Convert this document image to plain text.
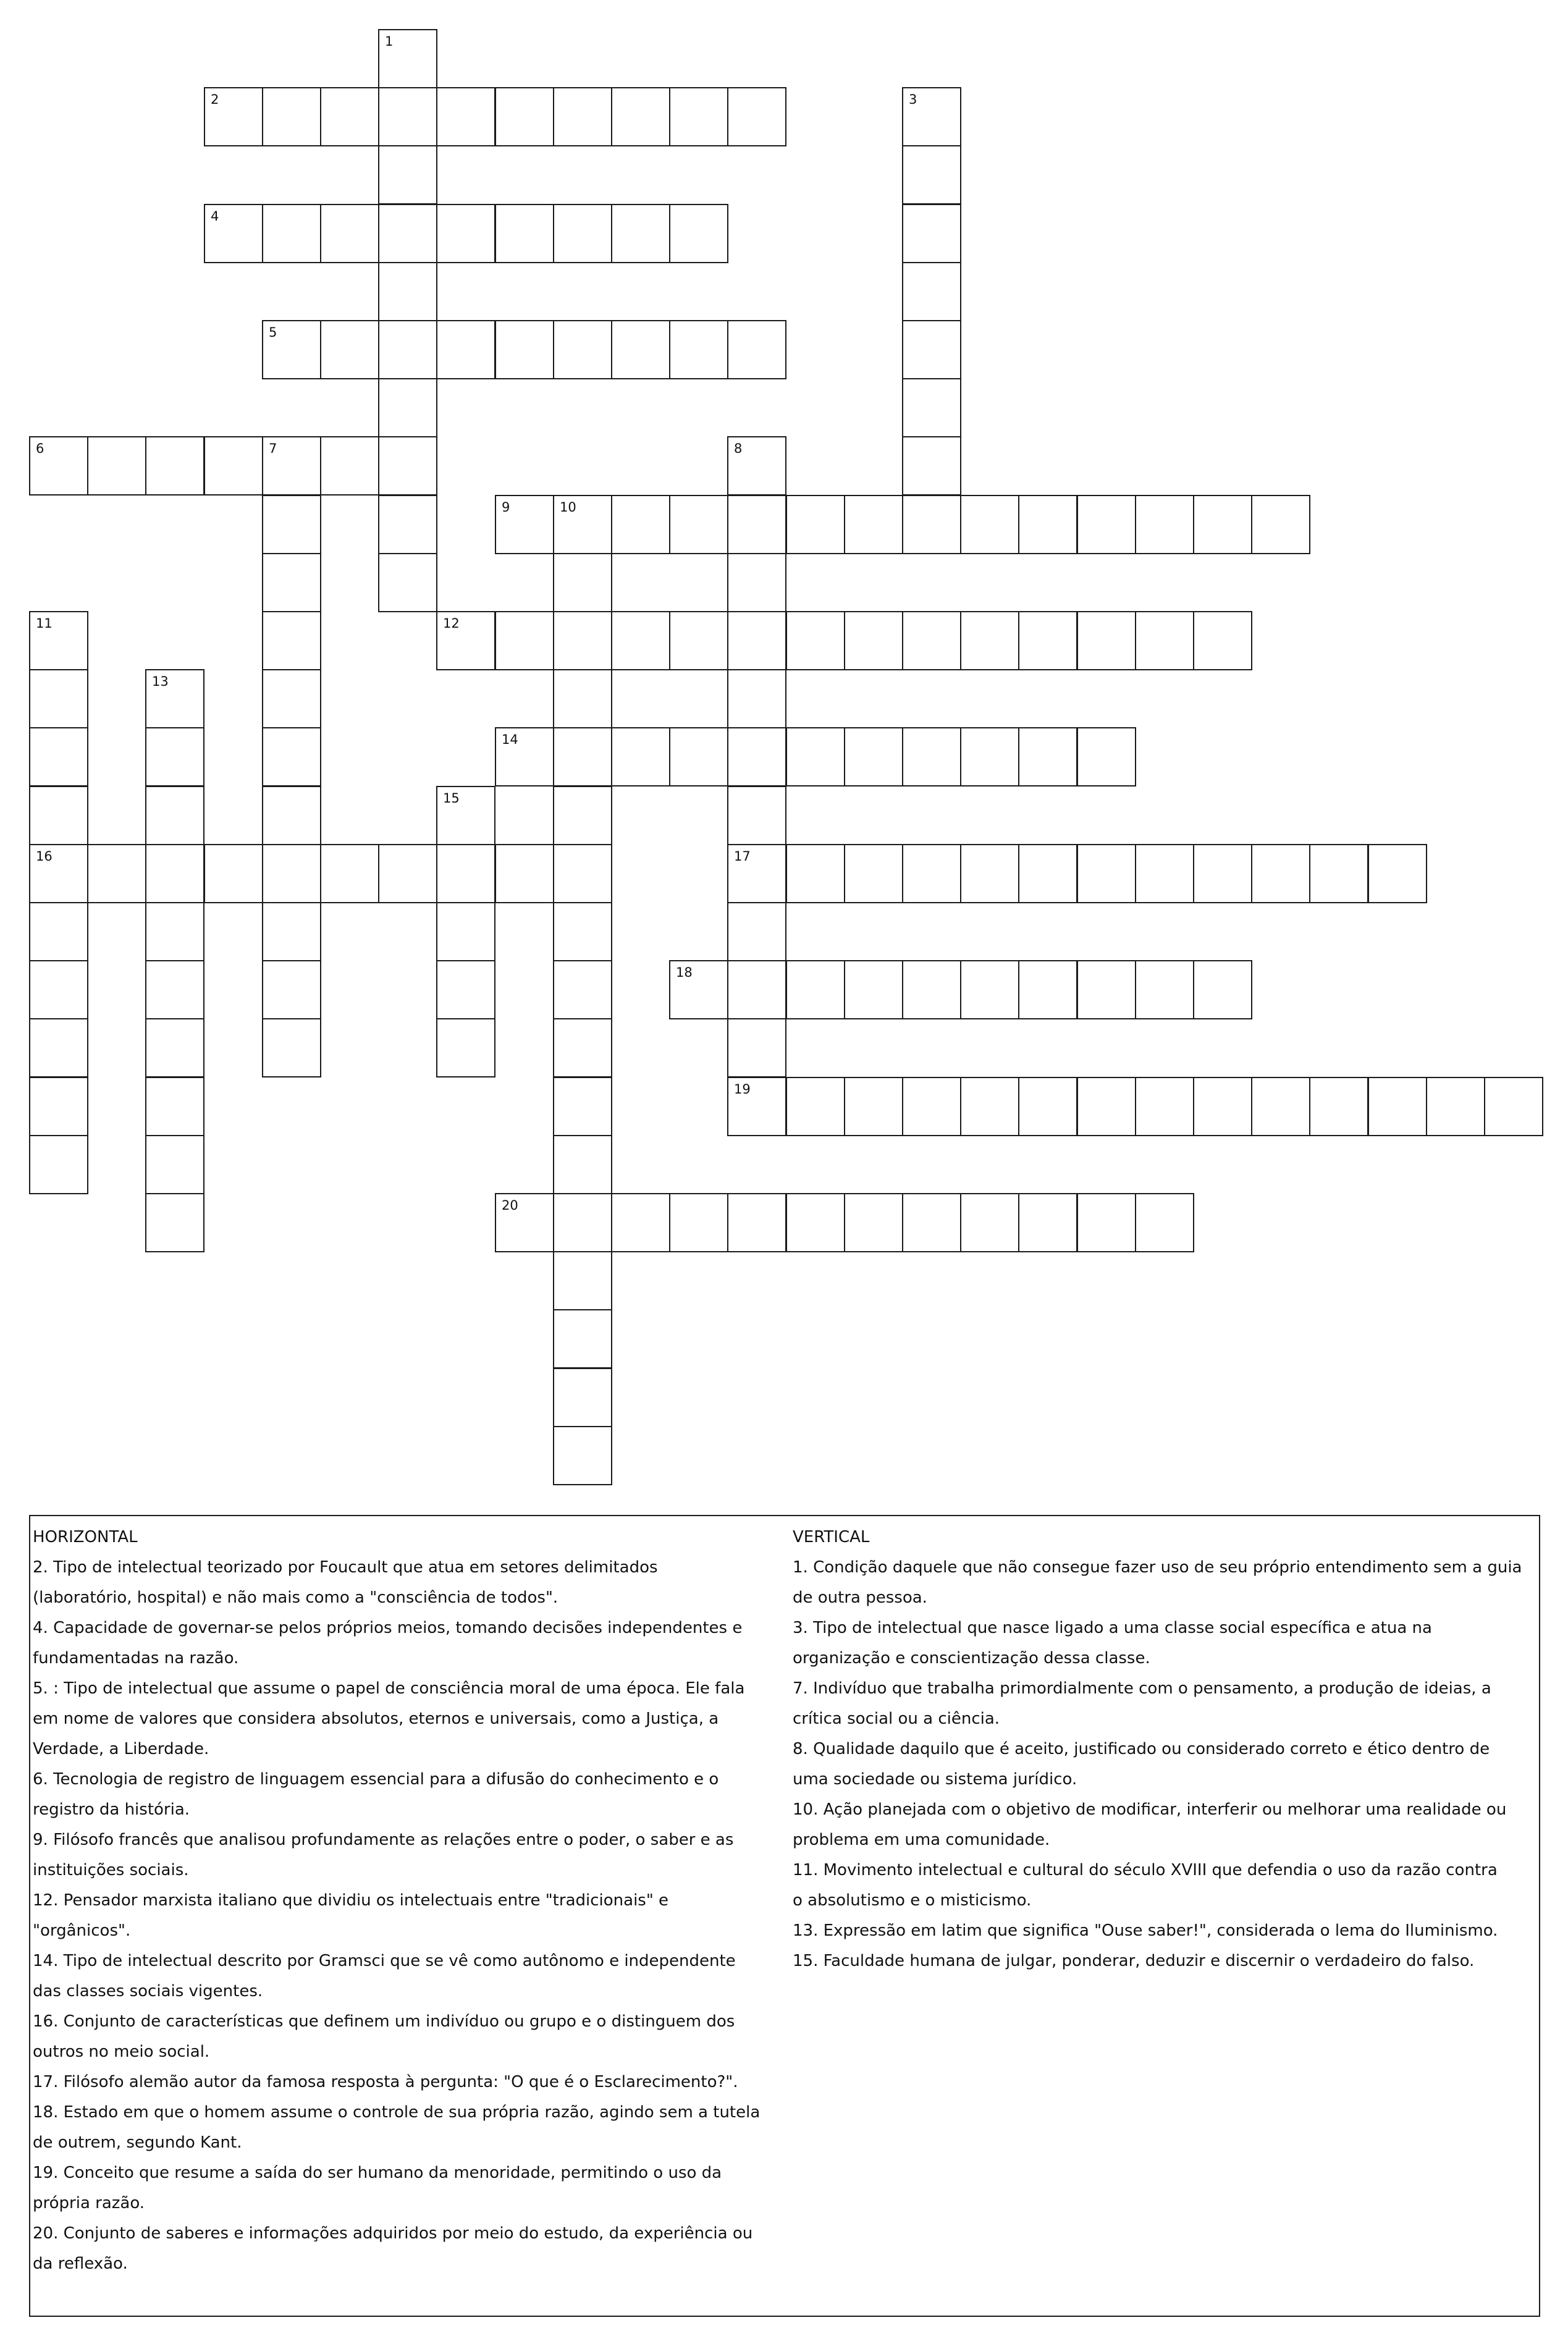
1
2	3
4
5
6	7	8
17
19
9	10
11
16
12
13
14
15
18
20
HORIZONTAL
2. Tipo de intelectual teorizado por Foucault que atua em setores delimitados
(laboratório, hospital) e não mais como a "consciência de todos".
4. Capacidade de governar-se pelos próprios meios, tomando decisões independentes e
fundamentadas na razão.
5. : Tipo de intelectual que assume o papel de consciência moral de uma época. Ele fala
em nome de valores que considera absolutos, eternos e universais, como a Justiça, a
Verdade, a Liberdade.
6. Tecnologia de registro de linguagem essencial para a difusão do conhecimento e o
registro da história.
9. Filósofo francês que analisou profundamente as relações entre o poder, o saber e as
instituições sociais.
12. Pensador marxista italiano que dividiu os intelectuais entre "tradicionais" e
"orgânicos".
14. Tipo de intelectual descrito por Gramsci que se vê como autônomo e independente
das classes sociais vigentes.
16. Conjunto de características que definem um indivíduo ou grupo e o distinguem dos
outros no meio social.
17. Filósofo alemão autor da famosa resposta à pergunta: "O que é o Esclarecimento?".
18. Estado em que o homem assume o controle de sua própria razão, agindo sem a tutela
de outrem, segundo Kant.
19. Conceito que resume a saída do ser humano da menoridade, permitindo o uso da
própria razão.
20. Conjunto de saberes e informações adquiridos por meio do estudo, da experiência ou
da reflexão.
VERTICAL
1. Condição daquele que não consegue fazer uso de seu próprio entendimento sem a guia
de outra pessoa.
3. Tipo de intelectual que nasce ligado a uma classe social específica e atua na
organização e conscientização dessa classe.
7. Indivíduo que trabalha primordialmente com o pensamento, a produção de ideias, a
crítica social ou a ciência.
8. Qualidade daquilo que é aceito, justificado ou considerado correto e ético dentro de
uma sociedade ou sistema jurídico.
10. Ação planejada com o objetivo de modificar, interferir ou melhorar uma realidade ou
problema em uma comunidade.
11. Movimento intelectual e cultural do século XVIII que defendia o uso da razão contra
o absolutismo e o misticismo.
13. Expressão em latim que significa "Ouse saber!", considerada o lema do Iluminismo.
15. Faculdade humana de julgar, ponderar, deduzir e discernir o verdadeiro do falso.
